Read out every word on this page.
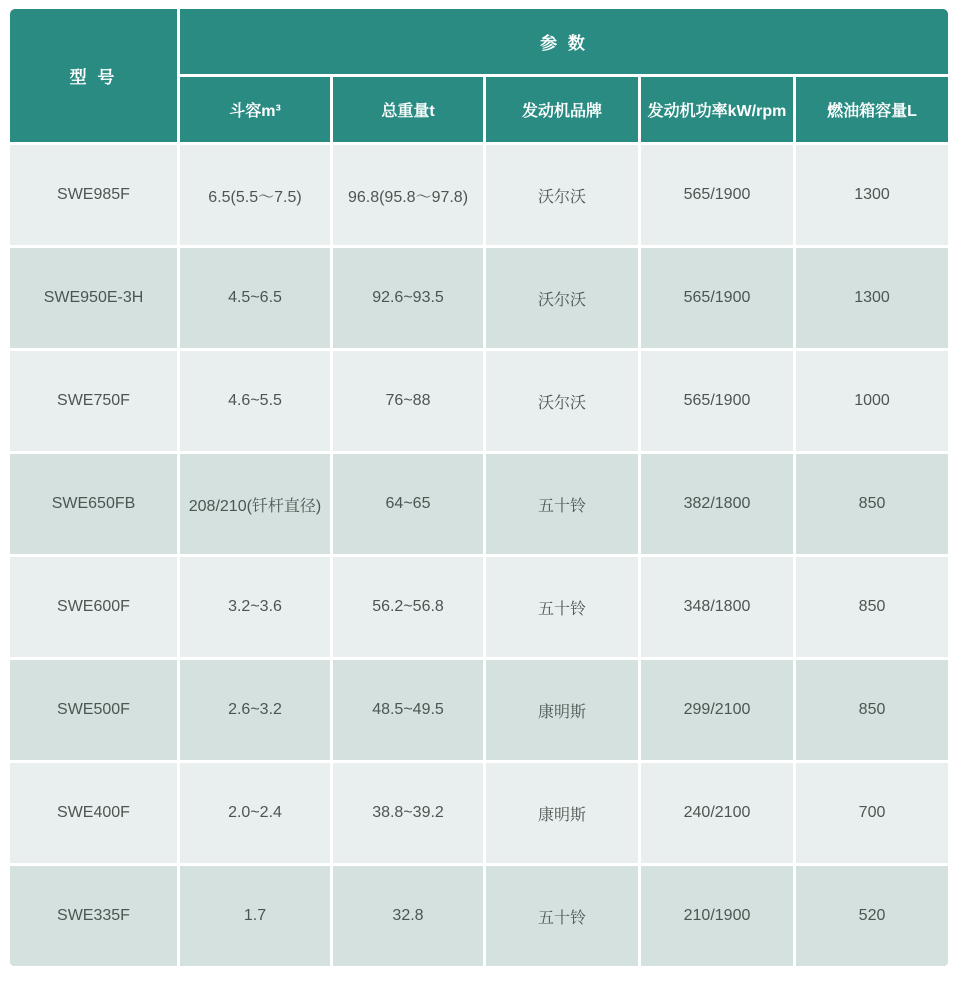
型 号	参 数				
	斗容m³	总重量t	发动机品牌	发动机功率kW/rpm	燃油箱容量L
SWE985F	6.5(5.5～7.5)	96.8(95.8～97.8)	沃尔沃	565/1900	1300
SWE950E-3H	4.5~6.5	92.6~93.5	沃尔沃	565/1900	1300
SWE750F	4.6~5.5	76~88	沃尔沃	565/1900	1000
SWE650FB	208/210(钎杆直径)	64~65	五十铃	382/1800	850
SWE600F	3.2~3.6	56.2~56.8	五十铃	348/1800	850
SWE500F	2.6~3.2	48.5~49.5	康明斯	299/2100	850
SWE400F	2.0~2.4	38.8~39.2	康明斯	240/2100	700
SWE335F	1.7	32.8	五十铃	210/1900	520
